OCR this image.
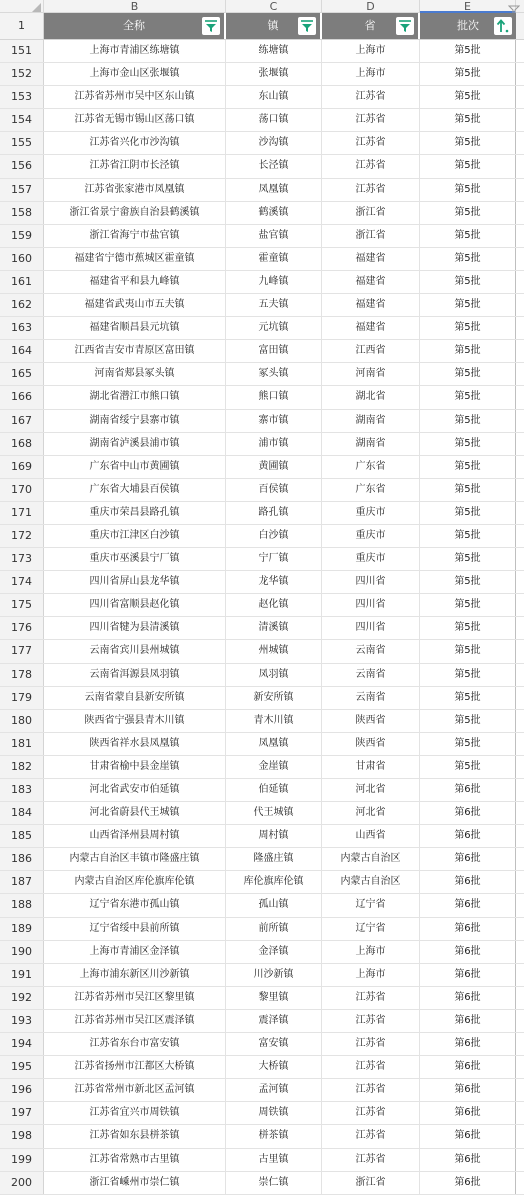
B	C	D	E
1	全称	镇	省	批次
151	上海市青浦区练塘镇	练塘镇	上海市	第5批
152	上海市金山区张堰镇	张堰镇	上海市	第5批
153	江苏省苏州市吴中区东山镇	东山镇	江苏省	第5批
154	江苏省无锡市锡山区荡口镇	荡口镇	江苏省	第5批
155	江苏省兴化市沙沟镇	沙沟镇	江苏省	第5批
156	江苏省江阴市长泾镇	长泾镇	江苏省	第5批
157	江苏省张家港市凤凰镇	凤凰镇	江苏省	第5批
158	浙江省景宁畲族自治县鹤溪镇	鹤溪镇	浙江省	第5批
159	浙江省海宁市盐官镇	盐官镇	浙江省	第5批
160	福建省宁德市蕉城区霍童镇	霍童镇	福建省	第5批
161	福建省平和县九峰镇	九峰镇	福建省	第5批
162	福建省武夷山市五夫镇	五夫镇	福建省	第5批
163	福建省顺昌县元坑镇	元坑镇	福建省	第5批
164	江西省吉安市青原区富田镇	富田镇	江西省	第5批
165	河南省郏县冢头镇	冢头镇	河南省	第5批
166	湖北省潜江市熊口镇	熊口镇	湖北省	第5批
167	湖南省绥宁县寨市镇	寨市镇	湖南省	第5批
168	湖南省泸溪县浦市镇	浦市镇	湖南省	第5批
169	广东省中山市黄圃镇	黄圃镇	广东省	第5批
170	广东省大埔县百侯镇	百侯镇	广东省	第5批
171	重庆市荣昌县路孔镇	路孔镇	重庆市	第5批
172	重庆市江津区白沙镇	白沙镇	重庆市	第5批
173	重庆市巫溪县宁厂镇	宁厂镇	重庆市	第5批
174	四川省屏山县龙华镇	龙华镇	四川省	第5批
175	四川省富顺县赵化镇	赵化镇	四川省	第5批
176	四川省犍为县清溪镇	清溪镇	四川省	第5批
177	云南省宾川县州城镇	州城镇	云南省	第5批
178	云南省洱源县凤羽镇	凤羽镇	云南省	第5批
179	云南省蒙自县新安所镇	新安所镇	云南省	第5批
180	陕西省宁强县青木川镇	青木川镇	陕西省	第5批
181	陕西省祥水县凤凰镇	凤凰镇	陕西省	第5批
182	甘肃省榆中县金崖镇	金崖镇	甘肃省	第5批
183	河北省武安市伯延镇	伯延镇	河北省	第6批
184	河北省蔚县代王城镇	代王城镇	河北省	第6批
185	山西省泽州县周村镇	周村镇	山西省	第6批
186	内蒙古自治区丰镇市隆盛庄镇	隆盛庄镇	内蒙古自治区	第6批
187	内蒙古自治区库伦旗库伦镇	库伦旗库伦镇	内蒙古自治区	第6批
188	辽宁省东港市孤山镇	孤山镇	辽宁省	第6批
189	辽宁省绥中县前所镇	前所镇	辽宁省	第6批
190	上海市青浦区金泽镇	金泽镇	上海市	第6批
191	上海市浦东新区川沙新镇	川沙新镇	上海市	第6批
192	江苏省苏州市吴江区黎里镇	黎里镇	江苏省	第6批
193	江苏省苏州市吴江区震泽镇	震泽镇	江苏省	第6批
194	江苏省东台市富安镇	富安镇	江苏省	第6批
195	江苏省扬州市江都区大桥镇	大桥镇	江苏省	第6批
196	江苏省常州市新北区孟河镇	孟河镇	江苏省	第6批
197	江苏省宜兴市周铁镇	周铁镇	江苏省	第6批
198	江苏省如东县栟茶镇	栟茶镇	江苏省	第6批
199	江苏省常熟市古里镇	古里镇	江苏省	第6批
200	浙江省嵊州市崇仁镇	崇仁镇	浙江省	第6批
